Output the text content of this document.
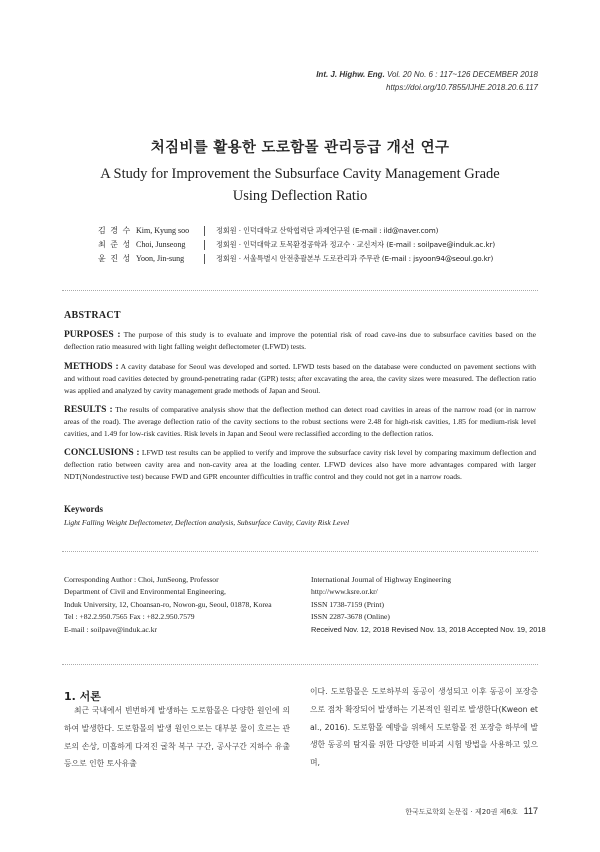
Int. J. Highw. Eng. Vol. 20 No. 6 : 117~126 DECEMBER 2018
https://doi.org/10.7855/IJHE.2018.20.6.117
처짐비를 활용한 도로함몰 관리등급 개선 연구
A Study for Improvement the Subsurface Cavity Management Grade
Using Deflection Ratio
김 경 수 Kim, Kyung soo	정회원 · 인덕대학교 산학협력단 과제연구원 (E-mail : ild@naver.com)
최 준 성 Choi, Junseong	정회원 · 인덕대학교 토목환경공학과 정교수 · 교신저자 (E-mail : soilpave@induk.ac.kr)
윤 진 성 Yoon, Jin-sung	정회원 · 서울특별시 안전총괄본부 도로관리과 주무관 (E-mail : jsyoon94@seoul.go.kr)
ABSTRACT
PURPOSES : The purpose of this study is to evaluate and improve the potential risk of road cave-ins due to subsurface cavities based on the deflection ratio measured with light falling weight deflectometer (LFWD) tests.
METHODS : A cavity database for Seoul was developed and sorted. LFWD tests based on the database were conducted on pavement sections with and without road cavities detected by ground-penetrating radar (GPR) tests; after excavating the area, the cavity sizes were measured. The deflection ratio was applied and analyzed by cavity management grade methods of Japan and Seoul.
RESULTS : The results of comparative analysis show that the deflection method can detect road cavities in areas of the narrow road (or in narrow areas of the road). The average deflection ratio of the cavity sections to the robust sections were 2.48 for high-risk cavities, 1.85 for medium-risk level cavities, and 1.49 for low-risk cavities. Risk levels in Japan and Seoul were reclassified according to the deflection ratios.
CONCLUSIONS : LFWD test results can be applied to verify and improve the subsurface cavity risk level by comparing maximum deflection and deflection ratio between cavity area and non-cavity area at the loading center. LFWD devices also have more advantages compared with larger NDT(Nondestructive test) because FWD and GPR encounter difficulties in traffic control and they could not get in a narrow roads.
Keywords
Light Falling Weight Deflectometer, Deflection analysis, Subsurface Cavity, Cavity Risk Level
Corresponding Author : Choi, JunSeong, Professor
Department of Civil and Environmental Engineering,
Induk University, 12, Choansan-ro, Nowon-gu, Seoul, 01878, Korea
Tel : +82.2.950.7565 Fax : +82.2.950.7579
E-mail : soilpave@induk.ac.kr
International Journal of Highway Engineering
http://www.ksre.or.kr/
ISSN 1738-7159 (Print)
ISSN 2287-3678 (Online)
Received Nov. 12, 2018 Revised Nov. 13, 2018 Accepted Nov. 19, 2018
1. 서론
최근 국내에서 빈번하게 발생하는 도로함몰은 다양한 원인에 의하여 발생한다. 도로함몰의 발생 원인으로는 대부분 물이 흐르는 관로의 손상, 미흡하게 다져진 굴착 복구 구간, 공사구간 지하수 유출 등으로 인한 토사유출
이다. 도로함몰은 도로하부의 동공이 생성되고 이후 동공이 포장층으로 점차 확장되어 발생하는 기본적인 원리로 발생한다(Kweon et al., 2016). 도로함몰 예방을 위해서 도로함몰 전 포장층 하부에 발생한 동공의 탐지를 위한 다양한 비파괴 시험 방법을 사용하고 있으며,
한국도로학회 논문집 · 제20권 제6호 117
